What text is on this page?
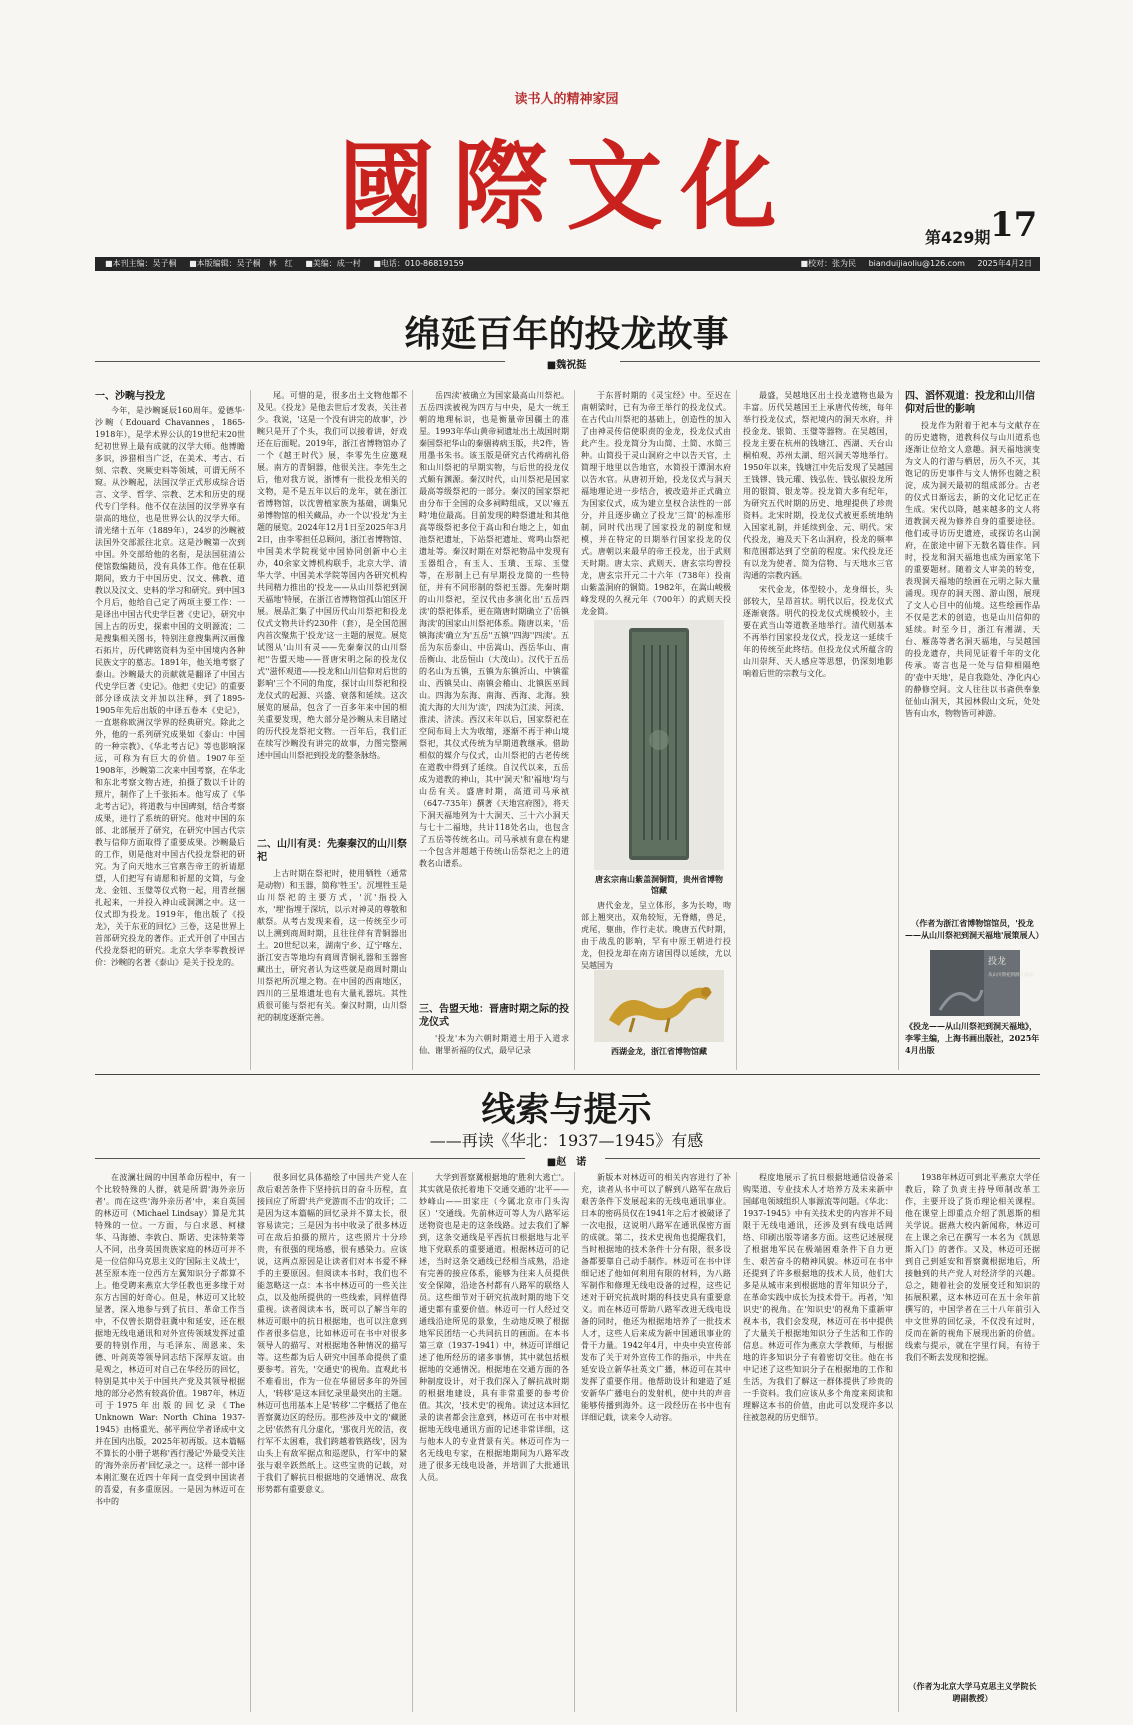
读书人的精神家园
國際文化	第429期 17
■本刊主编：吴子桐 ■本版编辑：吴子桐　林　红 ■美编：成一村 ■电话：010-86819159	■校对：张为民 bianduijiaoliu@126.com 2025年4月2日
绵延百年的投龙故事
■魏祝挺
一、沙畹与投龙

今年，是沙畹诞辰160周年。爱德华·沙畹（Edouard Chavannes，1865-1918年），是学术界公认的19世纪末20世纪初世界上最有成就的汉学大师。他博瞻多识，涉猎相当广泛，在美术、考古、石刻、宗教、突厥史料等领域，可谓无所不窥。从沙畹起，法国汉学正式形成综合语言、文学、哲学、宗教、艺术和历史的现代专门学科。他不仅在法国的汉学界享有崇高的地位，也是世界公认的汉学大师。清光绪十五年（1889年），24岁的沙畹被法国外交部派往北京。这是沙畹第一次到中国。外交部给他的名衔，是法国驻清公使馆数编随员，没有具体工作。他在任职期间，致力于中国历史、汉文、佛教、道教以及汉文、史料的学习和研究。到中国3个月后，他给自己定了两项主要工作：一是译出中国古代史学巨著《史记》，研究中国上古的历史，探索中国的文明源流；二是搜集相关图书，特别注意搜集两汉画像石拓片，历代碑铭资料为至中国境内各种民族文字的墓志。1891年，他关地考察了泰山。沙畹最大的贡献就是翻译了中国古代史学巨著《史记》。他把《史记》的重要部分译成法文并加以注释，到了1895-1905年先后出版的中译五卷本《史记》，一直堪称欧洲汉学界的经典研究。除此之外，他的一系列研究成果如《泰山：中国的一种宗教》、《华北考古记》等也影响深远，可称为有巨大的价值。1907年至1908年，沙畹第二次来中国考察，在华北和东北考察文物古迹，拍摄了数以千计的照片，制作了上千张拓本。他写成了《华北考古记》，将道教与中国碑刻，结合考察成果，进行了系统的研究。他对中国的东部、北部展开了研究，在研究中国古代宗教与信仰方面取得了重要成果。沙畹最后的工作，则是他对中国古代投龙祭祀的研究。为了向天地水三官禀告帝王的祈请愿望，人们把写有请愿和祈愿的文简，与金龙、金钮、玉璧等仪式物一起，用青丝捆扎起来，一并投入神山或洞渊之中。这一仪式即为投龙。1919年，他出版了《投龙》，关于东亚的回忆》三卷，这是世界上首部研究投龙的著作。正式开创了中国古代投龙祭祀的研究。北京大学李零教授评价：沙畹的名著《泰山》是关于投龙的。

尾。可惜的是，很多出土文物他都不及见。《投龙》是他去世后才发表，关注者少。我说，'这是一个没有讲完的故事'，沙畹只是开了个头，我们可以接着讲，好戏还在后面呢。2019年，浙江省博物馆办了一个《越王时代》展，李零先生应邀观展。南方的青铜器，他很关注。李先生之后，他对我方说，浙博有一批投龙相关的文物，是不是五年以后的龙年，就在浙江省博物馆，以沈曾植家族为基础，调集兄弟博物馆的相关藏品，办一个以'投龙'为主题的展览。2024年12月1日至2025年3月2日，由李零担任总顾问，浙江省博物馆、中国美术学院视觉中国协同创新中心主办，40余家文博机构联手，北京大学、清华大学、中国美术学院等国内各研究机构共同精力推出的'投龙——从山川祭祀到洞天福地'特展，在浙江省博物馆孤山馆区开展。展品汇集了中国历代山川祭祀和投龙仪式文物共计约230件（套），是全国范围内首次聚焦于'投龙'这一主题的展览。展览试图从'山川有灵——先秦秦汉的山川祭祀''告盟天地——晋唐宋明之际的投龙仪式''滋怀观道——投龙和山川信仰对后世的影响'三个不同的角度，探讨山川祭祀和投龙仪式的起源、兴盛、衰落和延续。这次展览的展品，包含了一百多年来中国的相关重要发现，绝大部分是沙畹从未目睹过的历代投龙祭祀文物。一百年后，我们正在续写沙畹没有讲完的故事，力图完整阐述中国山川祭祀到投龙的整条脉络。

二、山川有灵：先秦秦汉的山川祭祀

上古时期在祭祀时，使用牺牲（通常是动物）和玉器，简称'牲玉'。沉埋牲玉是山川祭祀的主要方式，'沉'指投入水，'埋'指埋于深坑，以示对神灵的尊敬和献祭。从考古发现来看，这一传统至少可以上溯到商周时期，且往往伴有青铜器出土。20世纪以来，湖南宁乡、辽宁喀左、浙江安吉等地均有商周青铜礼器和玉器窖藏出土，研究者认为这些就是商周时期山川祭祀所沉埋之物。在中国的西南地区，四川的三星堆遗址也有大量礼器坑。其性质很可能与祭祀有关。秦汉时期，山川祭祀的制度逐渐完善。

岳四渎'被确立为国家最高山川祭祀。五岳四渎被视为四方与中央，是大一统王朝的地理标识，也是衡量帝国疆土的准星。1993年华山黄帝祠遗址出土战国时期秦国祭祀华山的秦骃祷病玉版，共2件，皆用墨书朱书。该玉版是研究古代祷病礼俗和山川祭祀的早期实物，与后世的投龙仪式颇有渊源。秦汉时代，山川祭祀是国家最高等级祭祀的一部分。秦汉的国家祭祀由分布于全国的众多祠畤组成，又以'雍五畤'地位最高。目前发现的畤祭遗址和其他高等级祭祀多位于高山和台地之上，如血池祭祀遗址，下站祭祀遗址、莺鸣山祭祀遗址等。秦汉时期在对祭祀物品中发现有玉器组合，有玉人、玉璜、玉琮、玉璧等，在形制上已有早期投龙简的一些特征，并有不同形制的祭祀玉器。先秦时期的山川祭祀，至汉代由多演化出'五岳四渎'的祭祀体系，更在隋唐时期确立了'岳镇海渎'的国家山川祭祀体系。隋唐以来，'岳镇海渎'确立为'五岳''五镇''四海''四渎'。五岳为东岳泰山、中岳嵩山、西岳华山、南岳衡山、北岳恒山（大茂山）。汉代于五岳的名山为五镇，五镇为东镇沂山、中镇霍山、西镇吴山、南镇会稽山、北镇医巫闾山。四海为东海、南海、西海、北海。独流大海的大川为'渎'，四渎为江渎、河渎、淮渎、济渎。西汉末年以后，国家祭祀在空间布局上大为收缩，逐渐不再于神山境祭祀，其仪式传统为早期道教继承。借助相似的媒介与仪式，山川祭祀的古老传统在道教中得到了延续。自汉代以来，五岳成为道教的神山，其中'洞天'和'福地'均与山岳有关。盛唐时期，高道司马承祯（647-735年）撰著《天地宫府图》，将天下洞天福地列为十大洞天、三十六小洞天与七十二福地，共计118处名山，也包含了五岳等传统名山。司马承祯有意在构建一个包含并超越于传统山岳祭祀之上的道教名山谱系。

三、告盟天地：晋唐时期之际的投龙仪式

'投龙'本为六朝时期道士用于入道求仙、谢罪祈福的仪式，最早记录

于东晋时期的《灵宝经》中。至迟在南朝梁时，已有为帝王举行的投龙仪式。在古代山川祭祀的基础上，创造性的加入了由神灵传信使职责的金龙，投龙仪式由此产生。投龙简分为山简、土简、水简三种。山简投于灵山洞府之中以告天官，土简埋于地里以告地官，水简投于潭洞水府以告水官。从唐初开始，投龙仪式与洞天福地理论进一步结合，被改造并正式确立为国家仪式，成为建立皇权合法性的一部分，并且逐步确立了投龙'三简'的标准形制，同时代出现了国家投龙的制度和规模，并在特定的日期举行国家投龙的仪式。唐朝以来最早的帝王投龙，出于武则天时期。唐太宗、武则天、唐玄宗均曾投龙，唐玄宗开元二十六年（738年）投南山紫盖洞府的铜简。1982年，在嵩山峻极峰发现的久视元年（700年）的武则天投龙金简。

唐玄宗南山紫盖洞铜简，贵州省博物馆藏

唐代金龙，呈立体形，多为长吻，吻部上翘突出，双角较短，无脊鳍，兽足，虎尾，躯曲，作行走状。晚唐五代时期，由于战乱的影响，罕有中原王朝进行投龙，但投龙却在南方诸国得以延续，尤以吴越国为

西湖金龙，浙江省博物馆藏

最盛，吴越地区出土投龙遗物也最为丰富。历代吴越国王上承唐代传统，每年举行投龙仪式，祭祀境内的洞天水府，并投金龙、银简、玉璧等器物。在吴越国，投龙主要在杭州的钱塘江、西湖、天台山桐柏观、苏州太湖、绍兴洞天等地举行。1950年以来，钱塘江中先后发现了吴越国王钱镠、钱元瓘、钱弘佐、钱弘俶投龙所用的银简、银龙等。投龙简大多有纪年，为研究五代时期的历史、地理提供了珍贵资料。北宋时期，投龙仪式被更系统地纳入国家礼制，并延续到金、元、明代。宋代投龙，遍及天下名山洞府，投龙的频率和范围都达到了空前的程度。宋代投龙还有以龙为使者、简为信物、与天地水三官沟通的宗教内涵。

宋代金龙，体型较小，龙身细长，头部较大，呈昂首状。明代以后，投龙仪式逐渐衰落。明代的投龙仪式规模较小，主要在武当山等道教圣地举行。清代则基本不再举行国家投龙仪式，投龙这一延续千年的传统至此终结。但投龙仪式所蕴含的山川崇拜、天人感应等思想，仍深刻地影响着后世的宗教与文化。

四、滔怀观道：投龙和山川信仰对后世的影响

投龙作为附着于祀本与文献存在的历史遗物，道教科仪与山川道系也逐渐让位给文人意趣。洞天福地演变为文人的行游与栖居，历久不灭，其饱记的历史事件与文人情怀也随之积淀，成为洞天最初的组成部分。古老的仪式日渐远去，新的文化记忆正在生成。宋代以降，越来越多的文人将道教洞天视为修养自身的重要途径。他们或寻访历史遗迹，或探访名山洞府，在旅途中留下无数名篇佳作。同时，投龙和洞天福地也成为画家笔下的重要题材。随着文人审美的转变，表现洞天福地的绘画在元明之际大量涌现。现存的洞天图、游山图，展现了文人心目中的仙境。这些绘画作品不仅是艺术的创造，也是山川信仰的延续。时至今日，浙江有湘湖、天台、雁荡等著名洞天福地，与吴越国的投龙遗存，共同见证着千年的文化传承。寄言也是一处与信仰相隔绝的'壶中天地'，是自我隐处、净化内心的静修空间。文人往往以书斋供奉象征仙山洞天，其园林假山文玩，处处皆有山水，物物皆可神游。

（作者为浙江省博物馆馆员，'投龙——从山川祭祀到洞天福地'展策展人）
投龙
从山川祭祀到洞天福地
《投龙——从山川祭祀到洞天福地》，李零主编，上海书画出版社，2025年4月出版
线索与提示
——再读《华北：1937—1945》有感
■赵　诺

在波澜壮阔的中国革命历程中，有一个比较特殊的人群，就是所谓'海外亲历者'。而在这些'海外亲历者'中，来自英国的林迈可（Michael Lindsay）算是尤其特殊的一位。一方面，与白求恩、柯棣华、马海德、李敦白、斯诺、史沫特莱等人不同，出身英国贵族家庭的林迈可并不是一位信仰马克思主义的'国际主义战士'，甚至原本连一位西方左翼知识分子都算不上。他受聘来燕京大学任教也更多缘于对东方古国的好奇心。但是，林迈可又比较显著，深入地参与到了抗日、革命工作当中，不仅曾长期骨驻冀中和延安，还在根据地无线电通讯和对外宣传领域发挥过重要的特别作用，与毛泽东、周恩来、朱德、叶剑英等领导同志结下深厚友谊。由是观之，林迈可对自己在华经历的回忆，特别是其中关于中国共产党及其领导根据地的部分必然有较高价值。1987年，林迈可于1975年出版的回忆录《The Unknown War: North China 1937-1945》由杨重光、郝平两位学者译成中文并在国内出版，2025年初再版。这本篇幅不算长的小册子堪称'西行漫记'外最受关注的'海外亲历者'回忆录之一。这样一部中译本刚汇聚在近四十年间一直受到中国读者的喜爱，有多重原因。一是因为林迈可在书中的

很多回忆具体描绘了中国共产党人在敌后艰苦条件下坚持抗日的奋斗历程，直接回应了所谓'共产党游而不击'的攻讦；二是因为这本篇幅的回忆录并不算太长，很容易读完；三是因为书中收录了很多林迈可在敌后拍摄的照片，这些照片十分珍贵，有很强的现场感，很有感染力。应该说，这两点原因是让读者们对本书爱不释手的主要原因。但阅读本书时，我们也不能忽略这一点：本书中林迈可的一些关注点，以及他所提供的一些线索，同样值得重视。读者阅读本书，既可以了解当年的林迈可眼中的抗日根据地，也可以注意到作者很多信息，比如林迈可在书中对很多领导人的描写、对根据地各种情况的描写等。这些都为后人研究中国革命提供了重要参考。首先，'交通史'的视角。直观此书不难看出，作为一位在华留居多年的外国人，'转移'是这本回忆录里最突出的主题。林迈可也用基本上是'转移'二字概括了他在晋察冀边区的经历。那些涉及中文的'藏匿之居'依然有几分虚化，'那夜月光皎洁，夜行军不太困难，我们跨越着铁路线'，因为山头上有敌军据点和巡逻队，行军中的紧张与艰辛跃然纸上。这些宝贵的记载，对于我们了解抗日根据地的交通情况、敌我形势都有重要意义。

大学到晋察冀根据地的'胜利大逃亡'。其实就是依托着地下交通交通的'北平——妙峰山——田家庄（今属北京市门头沟区）'交通线。先前林迈可等人为八路军运送物资也是走的这条线路。过去我们了解到，这条交通线是平西抗日根据地与北平地下党联系的重要通道。根据林迈可的记述，当时这条交通线已经相当成熟，沿途有完善的接应体系，能够为往来人员提供安全保障，沿途各村都有八路军的联络人员。这些细节对于研究抗战时期的地下交通史都有重要价值。林迈可一行人经过交通线沿途所见的景象，生动地反映了根据地军民团结一心共同抗日的画面。在本书第三章（1937-1941）中，林迈可详细记述了他所经历的诸多事情，其中就包括根据地的交通情况。根据地在交通方面的各种制度设计，对于我们深入了解抗战时期的根据地建设，具有非常重要的参考价值。其次，'技术史'的视角。读过这本回忆录的读者都会注意到，林迈可在书中对根据地无线电通讯方面的记述非常详细，这与他本人的专业背景有关。林迈可作为一名无线电专家，在根据地期间为八路军改进了很多无线电设备，并培训了大批通讯人员。

新版本对林迈可的相关内容进行了补充，读者从书中可以了解到八路军在敌后艰苦条件下发展起来的无线电通讯事业。日本的密码员仅在1941年之后才被破译了一次电报，这说明八路军在通讯保密方面的成就。第二，技术史视角也提醒我们，当时根据地的技术条件十分有限，很多设备都要靠自己动手制作。林迈可在书中详细记述了他如何利用有限的材料，为八路军制作和修理无线电设备的过程，这些记述对于研究抗战时期的科技史具有重要意义。而在林迈可帮助八路军改进无线电设备的同时，他还为根据地培养了一批技术人才，这些人后来成为新中国通讯事业的骨干力量。1942年4月，中央中央宣传部发布了关于对外宣传工作的指示，中共在延安设立新华社英文广播，林迈可在其中发挥了重要作用。他帮助设计和建造了延安新华广播电台的发射机，使中共的声音能够传播到海外。这一段经历在书中也有详细记载，读来令人动容。

程度地展示了抗日根据地通信设备采购渠道、专业技术人才培养方及未来新中国邮电领域组织人事源流等问题。《华北：1937-1945》中有关技术史的内容并不局限于无线电通讯，还涉及到有线电话网络、印刷出版等诸多方面。这些记述展现了根据地军民在极端困难条件下自力更生、艰苦奋斗的精神风貌。林迈可在书中还提到了许多根据地的技术人员，他们大多是从城市来到根据地的青年知识分子，在革命实践中成长为技术骨干。再者，'知识史'的视角。在'知识史'的视角下重新审视本书，我们会发现，林迈可在书中提供了大量关于根据地知识分子生活和工作的信息。林迈可作为燕京大学教师，与根据地的许多知识分子有着密切交往。他在书中记述了这些知识分子在根据地的工作和生活，为我们了解这一群体提供了珍贵的一手资料。我们应该从多个角度来阅读和理解这本书的价值，由此可以发现许多以往被忽视的历史细节。

1938年林迈可到北平燕京大学任教后，除了负责主持导师制改革工作，主要开设了货币理论相关课程。他在课堂上即重点介绍了凯恩斯的相关学说。据燕大校内新闻称，林迈可在上课之余已在撰写一本名为《凯恩斯入门》的著作。又及，林迈可还据到自己到延安和晋察冀根据地后，所接触到的共产党人对经济学的兴趣。总之，随着社会的发展变迁和知识的拓展积累，这本林迈可在五十余年前撰写的，中国学者在三十八年前引入中文世界的回忆录，不仅没有过时，反而在新的视角下展现出新的价值。线索与提示，就在字里行间，有待于我们不断去发现和挖掘。

（作者为北京大学马克思主义学院长聘副教授）
